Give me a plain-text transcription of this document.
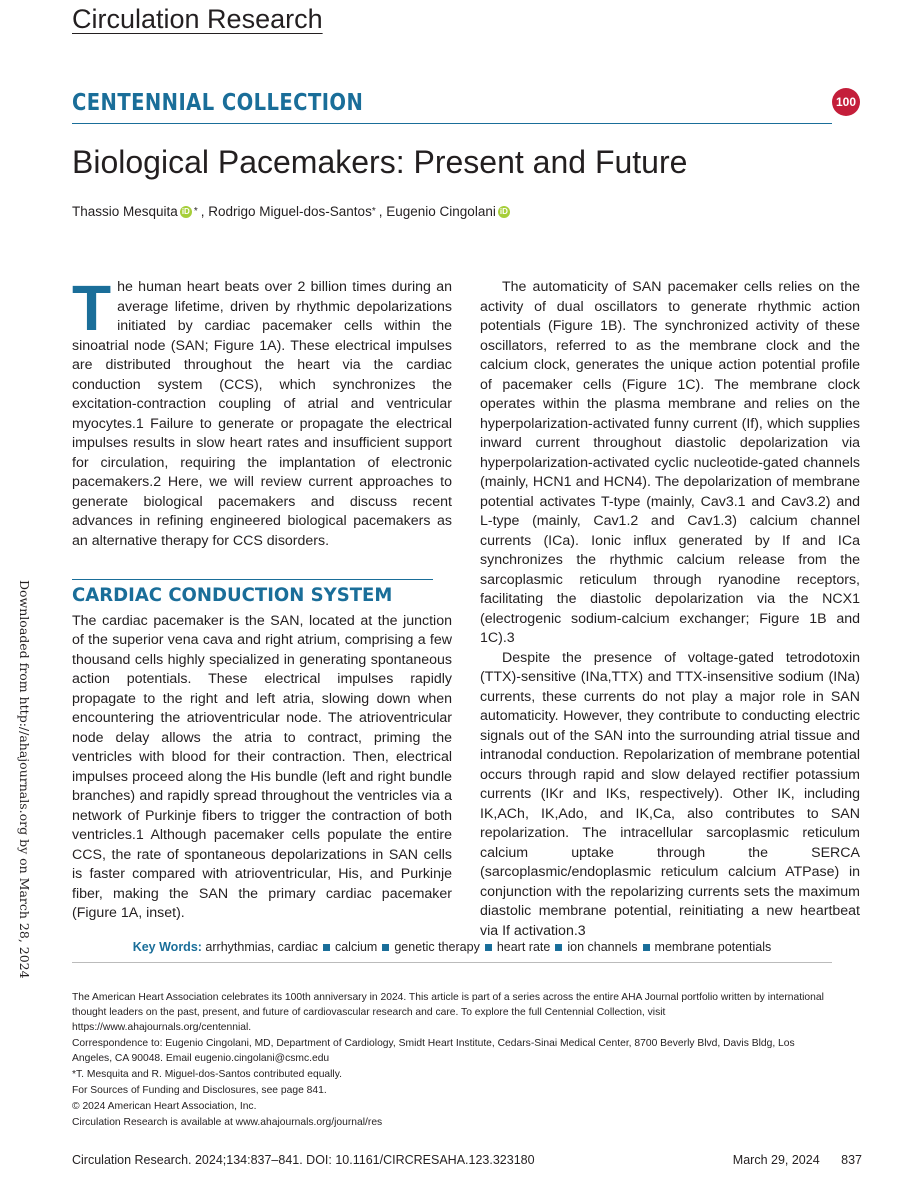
Circulation Research
CENTENNIAL COLLECTION	100
Biological Pacemakers: Present and Future
Thassio Mesquita iD * , Rodrigo Miguel-dos-Santos * , Eugenio Cingolani iD
Downloaded from http://ahajournals.org by on March 28, 2024

The human heart beats over 2 billion times during an average lifetime, driven by rhythmic depolarizations initiated by cardiac pacemaker cells within the sinoatrial node (SAN; Figure 1A). These electrical impulses are distributed throughout the heart via the cardiac conduction system (CCS), which synchronizes the excitation-contraction coupling of atrial and ventricular myocytes.1 Failure to generate or propagate the electrical impulses results in slow heart rates and insufficient support for circulation, requiring the implantation of electronic pacemakers.2 Here, we will review current approaches to generate biological pacemakers and discuss recent advances in refining engineered biological pacemakers as an alternative therapy for CCS disorders.

CARDIAC CONDUCTION SYSTEM

The cardiac pacemaker is the SAN, located at the junction of the superior vena cava and right atrium, comprising a few thousand cells highly specialized in generating spontaneous action potentials. These electrical impulses rapidly propagate to the right and left atria, slowing down when encountering the atrioventricular node. The atrioventricular node delay allows the atria to contract, priming the ventricles with blood for their contraction. Then, electrical impulses proceed along the His bundle (left and right bundle branches) and rapidly spread throughout the ventricles via a network of Purkinje fibers to trigger the contraction of both ventricles.1 Although pacemaker cells populate the entire CCS, the rate of spontaneous depolarizations in SAN cells is faster compared with atrioventricular, His, and Purkinje fiber, making the SAN the primary cardiac pacemaker (Figure 1A, inset).

The automaticity of SAN pacemaker cells relies on the activity of dual oscillators to generate rhythmic action potentials (Figure 1B). The synchronized activity of these oscillators, referred to as the membrane clock and the calcium clock, generates the unique action potential profile of pacemaker cells (Figure 1C). The membrane clock operates within the plasma membrane and relies on the hyperpolarization-activated funny current (If), which supplies inward current throughout diastolic depolarization via hyperpolarization-activated cyclic nucleotide-gated channels (mainly, HCN1 and HCN4). The depolarization of membrane potential activates T-type (mainly, Cav3.1 and Cav3.2) and L-type (mainly, Cav1.2 and Cav1.3) calcium channel currents (ICa). Ionic influx generated by If and ICa synchronizes the rhythmic calcium release from the sarcoplasmic reticulum through ryanodine receptors, facilitating the diastolic depolarization via the NCX1 (electrogenic sodium-calcium exchanger; Figure 1B and 1C).3

Despite the presence of voltage-gated tetrodotoxin (TTX)-sensitive (INa,TTX) and TTX-insensitive sodium (INa) currents, these currents do not play a major role in SAN automaticity. However, they contribute to conducting electric signals out of the SAN into the surrounding atrial tissue and intranodal conduction. Repolarization of membrane potential occurs through rapid and slow delayed rectifier potassium currents (IKr and IKs, respectively). Other IK, including IK,ACh, IK,Ado, and IK,Ca, also contributes to SAN repolarization. The intracellular sarcoplasmic reticulum calcium uptake through the SERCA (sarcoplasmic/endoplasmic reticulum calcium ATPase) in conjunction with the repolarizing currents sets the maximum diastolic membrane potential, reinitiating a new heartbeat via If activation.3

Key Words: arrhythmias, cardiac calcium genetic therapy heart rate ion channels membrane potentials

The American Heart Association celebrates its 100th anniversary in 2024. This article is part of a series across the entire AHA Journal portfolio written by international thought leaders on the past, present, and future of cardiovascular research and care. To explore the full Centennial Collection, visit https://www.ahajournals.org/centennial.

Correspondence to: Eugenio Cingolani, MD, Department of Cardiology, Smidt Heart Institute, Cedars-Sinai Medical Center, 8700 Beverly Blvd, Davis Bldg, Los Angeles, CA 90048. Email eugenio.cingolani@csmc.edu

*T. Mesquita and R. Miguel-dos-Santos contributed equally.

For Sources of Funding and Disclosures, see page 841.

© 2024 American Heart Association, Inc.

Circulation Research is available at www.ahajournals.org/journal/res

Circulation Research. 2024;134:837–841. DOI: 10.1161/CIRCRESAHA.123.323180	March 29, 2024 837
